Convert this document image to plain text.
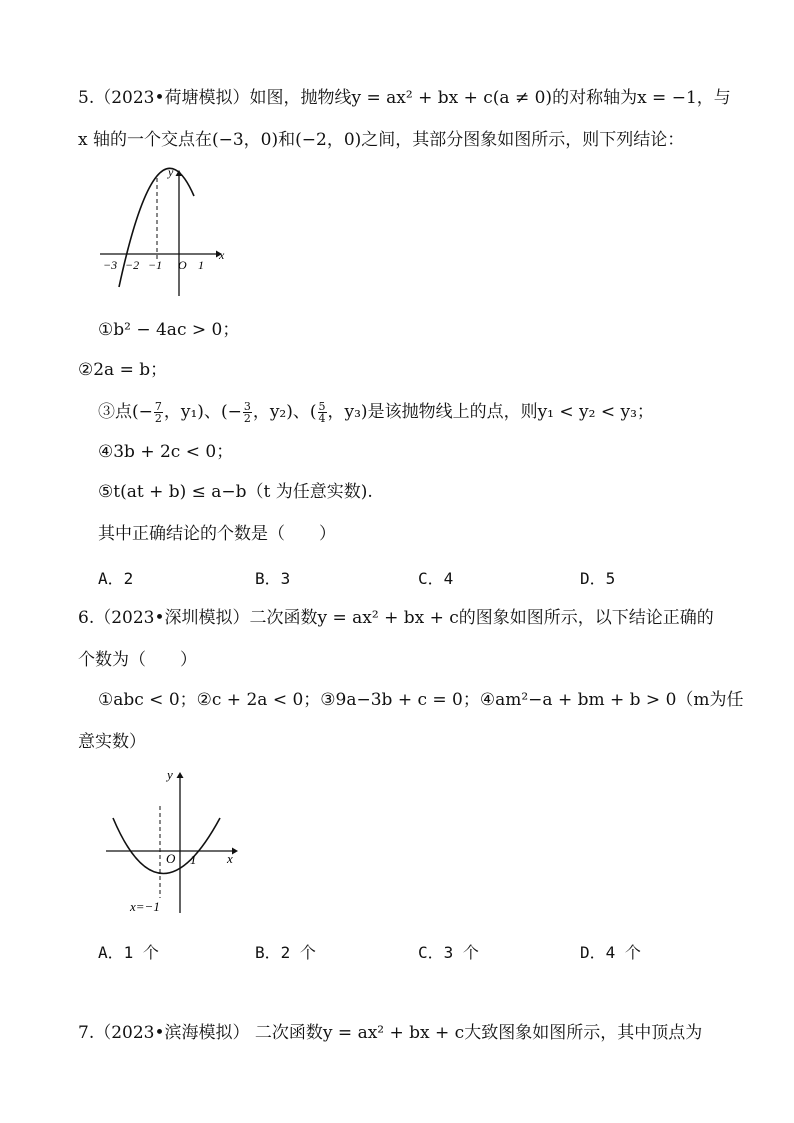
5.（2023•荷塘模拟）如图，抛物线y = ax² + bx + c(a ≠ 0)的对称轴为x = −1，与
x 轴的一个交点在(−3，0)和(−2，0)之间，其部分图象如图所示，则下列结论：
y
x
−3 −2 −1 O 1
①b² − 4ac > 0；
②2a = b；
③点(− $\frac{7}{2}$ ，y₁)、(− $\frac{3}{2}$ ，y₂)、( $\frac{5}{4}$ ，y₃)是该抛物线上的点，则y₁ < y₂ < y₃；
④3b + 2c < 0；
⑤t(at + b) ≤ a−b（t 为任意实数).
其中正确结论的个数是（　　）
A．2	B．3	C．4	D．5
6.（2023•深圳模拟）二次函数y = ax² + bx + c的图象如图所示，以下结论正确的
个数为（　　）
①abc < 0；②c + 2a < 0；③9a−3b + c = 0；④am²−a + bm + b > 0（m为任
意实数）
y
x
O 1
x=−1
A．1 个	B．2 个	C．3 个	D．4 个
7.（2023•滨海模拟） 二次函数y = ax² + bx + c大致图象如图所示，其中顶点为
